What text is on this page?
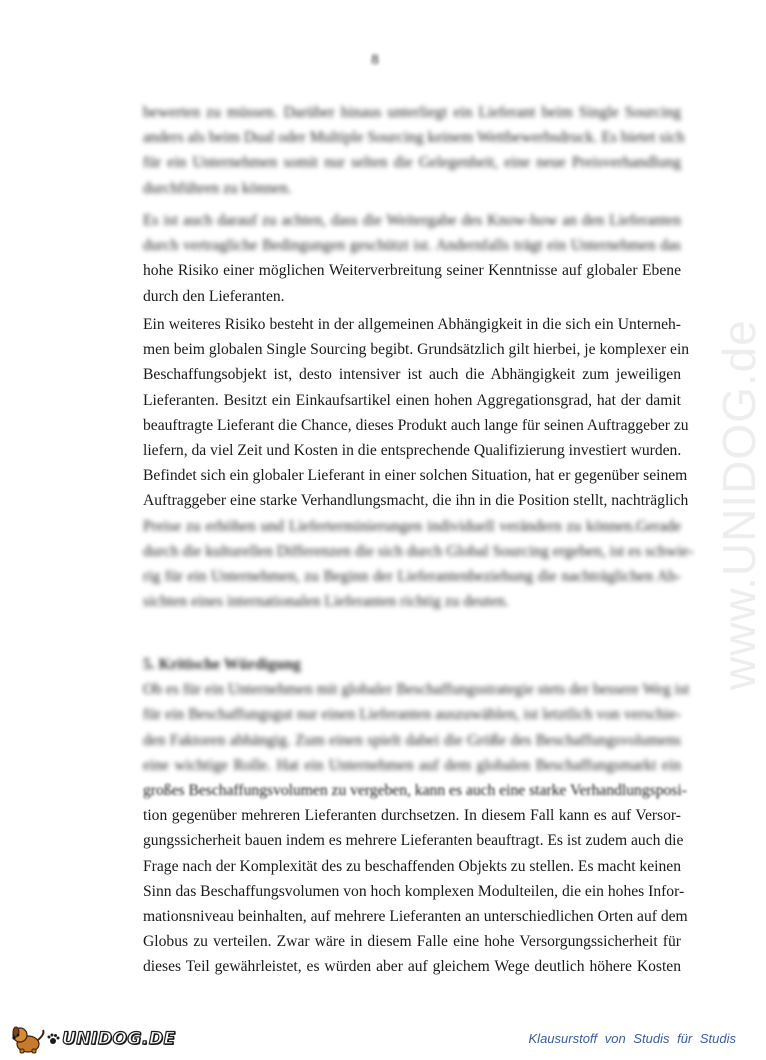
8
www.UNIDOG.de
bewerten zu müssen. Darüber hinaus unterliegt ein Lieferant beim Single Sourcing
anders als beim Dual oder Multiple Sourcing keinem Wettbewerbsdruck. Es bietet sich
für ein Unternehmen somit nur selten die Gelegenheit, eine neue Preisverhandlung
durchführen zu können.
Es ist auch darauf zu achten, dass die Weitergabe des Know-how an den Lieferanten
durch vertragliche Bedingungen geschützt ist. Andernfalls trägt ein Unternehmen das
hohe Risiko einer möglichen Weiterverbreitung seiner Kenntnisse auf globaler Ebene
durch den Lieferanten.
Ein weiteres Risiko besteht in der allgemeinen Abhängigkeit in die sich ein Unterneh-
men beim globalen Single Sourcing begibt. Grundsätzlich gilt hierbei, je komplexer ein
Beschaffungsobjekt ist, desto intensiver ist auch die Abhängigkeit zum jeweiligen
Lieferanten. Besitzt ein Einkaufsartikel einen hohen Aggregationsgrad, hat der damit
beauftragte Lieferant die Chance, dieses Produkt auch lange für seinen Auftraggeber zu
liefern, da viel Zeit und Kosten in die entsprechende Qualifizierung investiert wurden.
Befindet sich ein globaler Lieferant in einer solchen Situation, hat er gegenüber seinem
Auftraggeber eine starke Verhandlungsmacht, die ihn in die Position stellt, nachträglich
Preise zu erhöhen und Lieferterminierungen individuell verändern zu können.Gerade
durch die kulturellen Differenzen die sich durch Global Sourcing ergeben, ist es schwie-
rig für ein Unternehmen, zu Beginn der Lieferantenbeziehung die nachträglichen Ab-
sichten eines internationalen Lieferanten richtig zu deuten.
5. Kritische Würdigung
Ob es für ein Unternehmen mit globaler Beschaffungsstrategie stets der bessere Weg ist
für ein Beschaffungsgut nur einen Lieferanten auszuwählen, ist letztlich von verschie-
den Faktoren abhängig. Zum einen spielt dabei die Größe des Beschaffungsvolumens
eine wichtige Rolle. Hat ein Unternehmen auf dem globalen Beschaffungsmarkt ein
großes Beschaffungsvolumen zu vergeben, kann es auch eine starke Verhandlungsposi-
tion gegenüber mehreren Lieferanten durchsetzen. In diesem Fall kann es auf Versor-
gungssicherheit bauen indem es mehrere Lieferanten beauftragt. Es ist zudem auch die
Frage nach der Komplexität des zu beschaffenden Objekts zu stellen. Es macht keinen
Sinn das Beschaffungsvolumen von hoch komplexen Modulteilen, die ein hohes Infor-
mationsniveau beinhalten, auf mehrere Lieferanten an unterschiedlichen Orten auf dem
Globus zu verteilen. Zwar wäre in diesem Falle eine hohe Versorgungssicherheit für
dieses Teil gewährleistet, es würden aber auf gleichem Wege deutlich höhere Kosten
UNIDOG.DE	Klausurstoff von Studis für Studis
